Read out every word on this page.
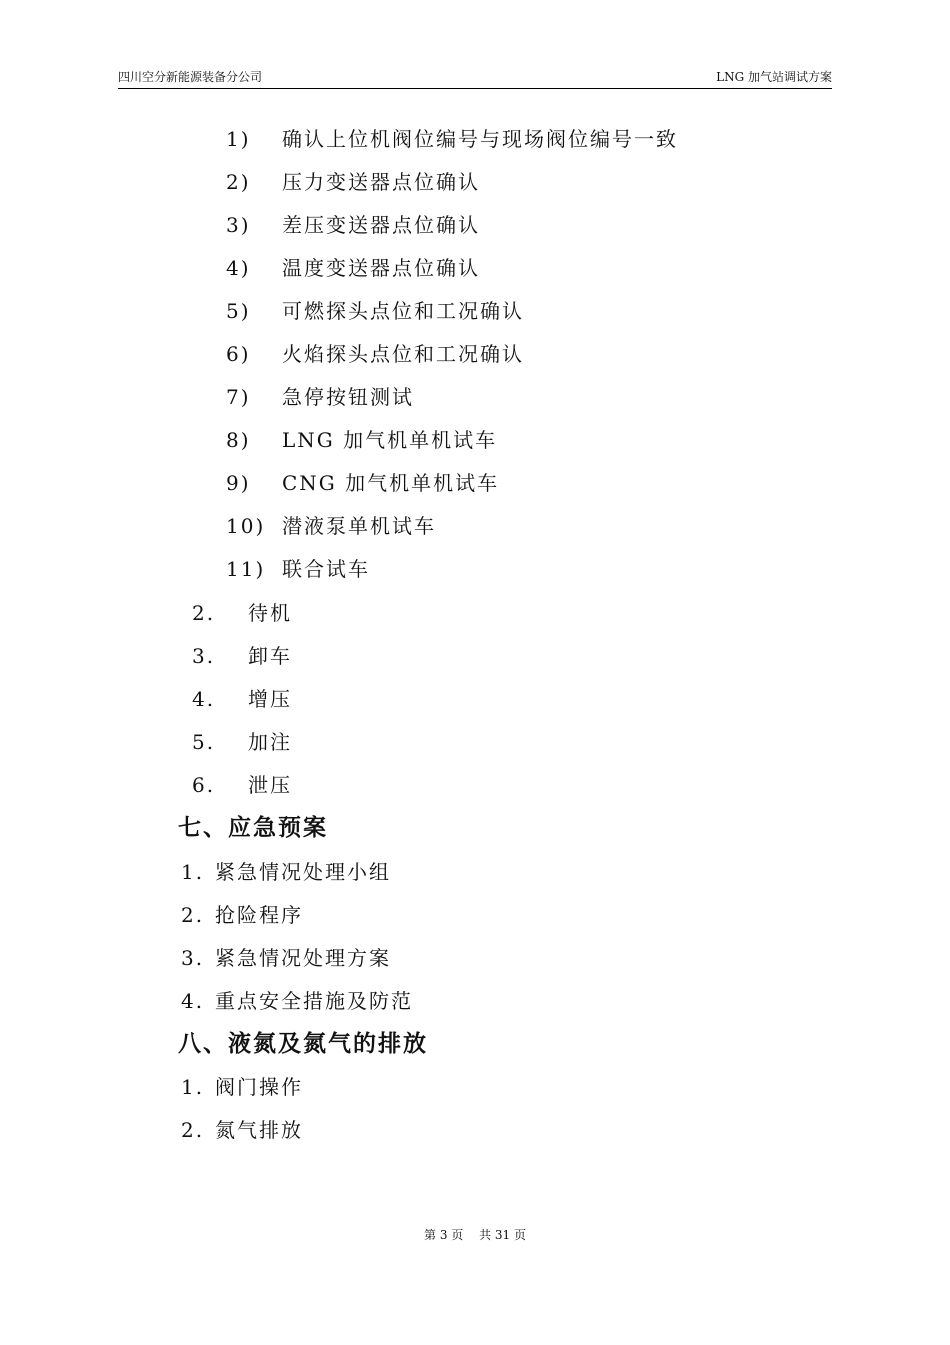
四川空分新能源装备分公司	LNG 加气站调试方案
1) 确认上位机阀位编号与现场阀位编号一致
2) 压力变送器点位确认
3) 差压变送器点位确认
4) 温度变送器点位确认
5) 可燃探头点位和工况确认
6) 火焰探头点位和工况确认
7) 急停按钮测试
8) LNG 加气机单机试车
9) CNG 加气机单机试车
10) 潜液泵单机试车
11) 联合试车
2. 待机
3. 卸车
4. 增压
5. 加注
6. 泄压
七、应急预案
1. 紧急情况处理小组
2. 抢险程序
3. 紧急情况处理方案
4. 重点安全措施及防范
八、液氮及氮气的排放
1. 阀门操作
2. 氮气排放
第 3 页 共 31 页
